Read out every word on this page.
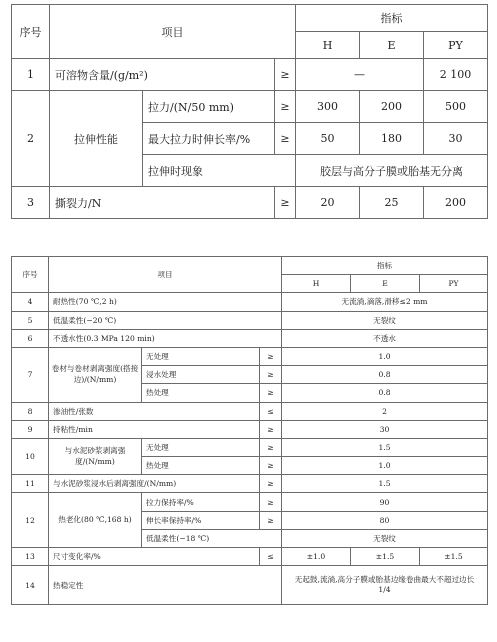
序号	项目			指标		
				H	E	PY
1	可溶物含量/(g/m²)		≥	—		2 100
2	拉伸性能	拉力/(N/50 mm)	≥	300	200	500
		最大拉力时伸长率/%	≥	50	180	30
		拉伸时现象		胶层与高分子膜或胎基无分离		
3	撕裂力/N		≥	20	25	200
序号	项目			指标		
				H	E	PY
4	耐热性(70 ℃,2 h)			无流淌,滴落,滑移≤2 mm		
5	低温柔性(−20 ℃)			无裂纹		
6	不透水性(0.3 MPa 120 min)			不透水		
7	卷材与卷材剥离强度(搭接边)/(N/mm)	无处理	≥	1.0		
		浸水处理	≥	0.8		
		热处理	≥	0.8		
8	渗油性/张数		≤	2		
9	持粘性/min		≥	30		
10	与水泥砂浆剥离强度/(N/mm)	无处理	≥	1.5		
		热处理	≥	1.0		
11	与水泥砂浆浸水后剥离强度/(N/mm)		≥	1.5		
12	热老化(80 ℃,168 h)	拉力保持率/%	≥	90		
		伸长率保持率/%	≥	80		
		低温柔性(−18 ℃)		无裂纹		
13	尺寸变化率/%		≤	±1.0	±1.5	±1.5
14	热稳定性			无起鼓,流淌,高分子膜或胎基边缘卷曲最大不超过边长 1/4		
